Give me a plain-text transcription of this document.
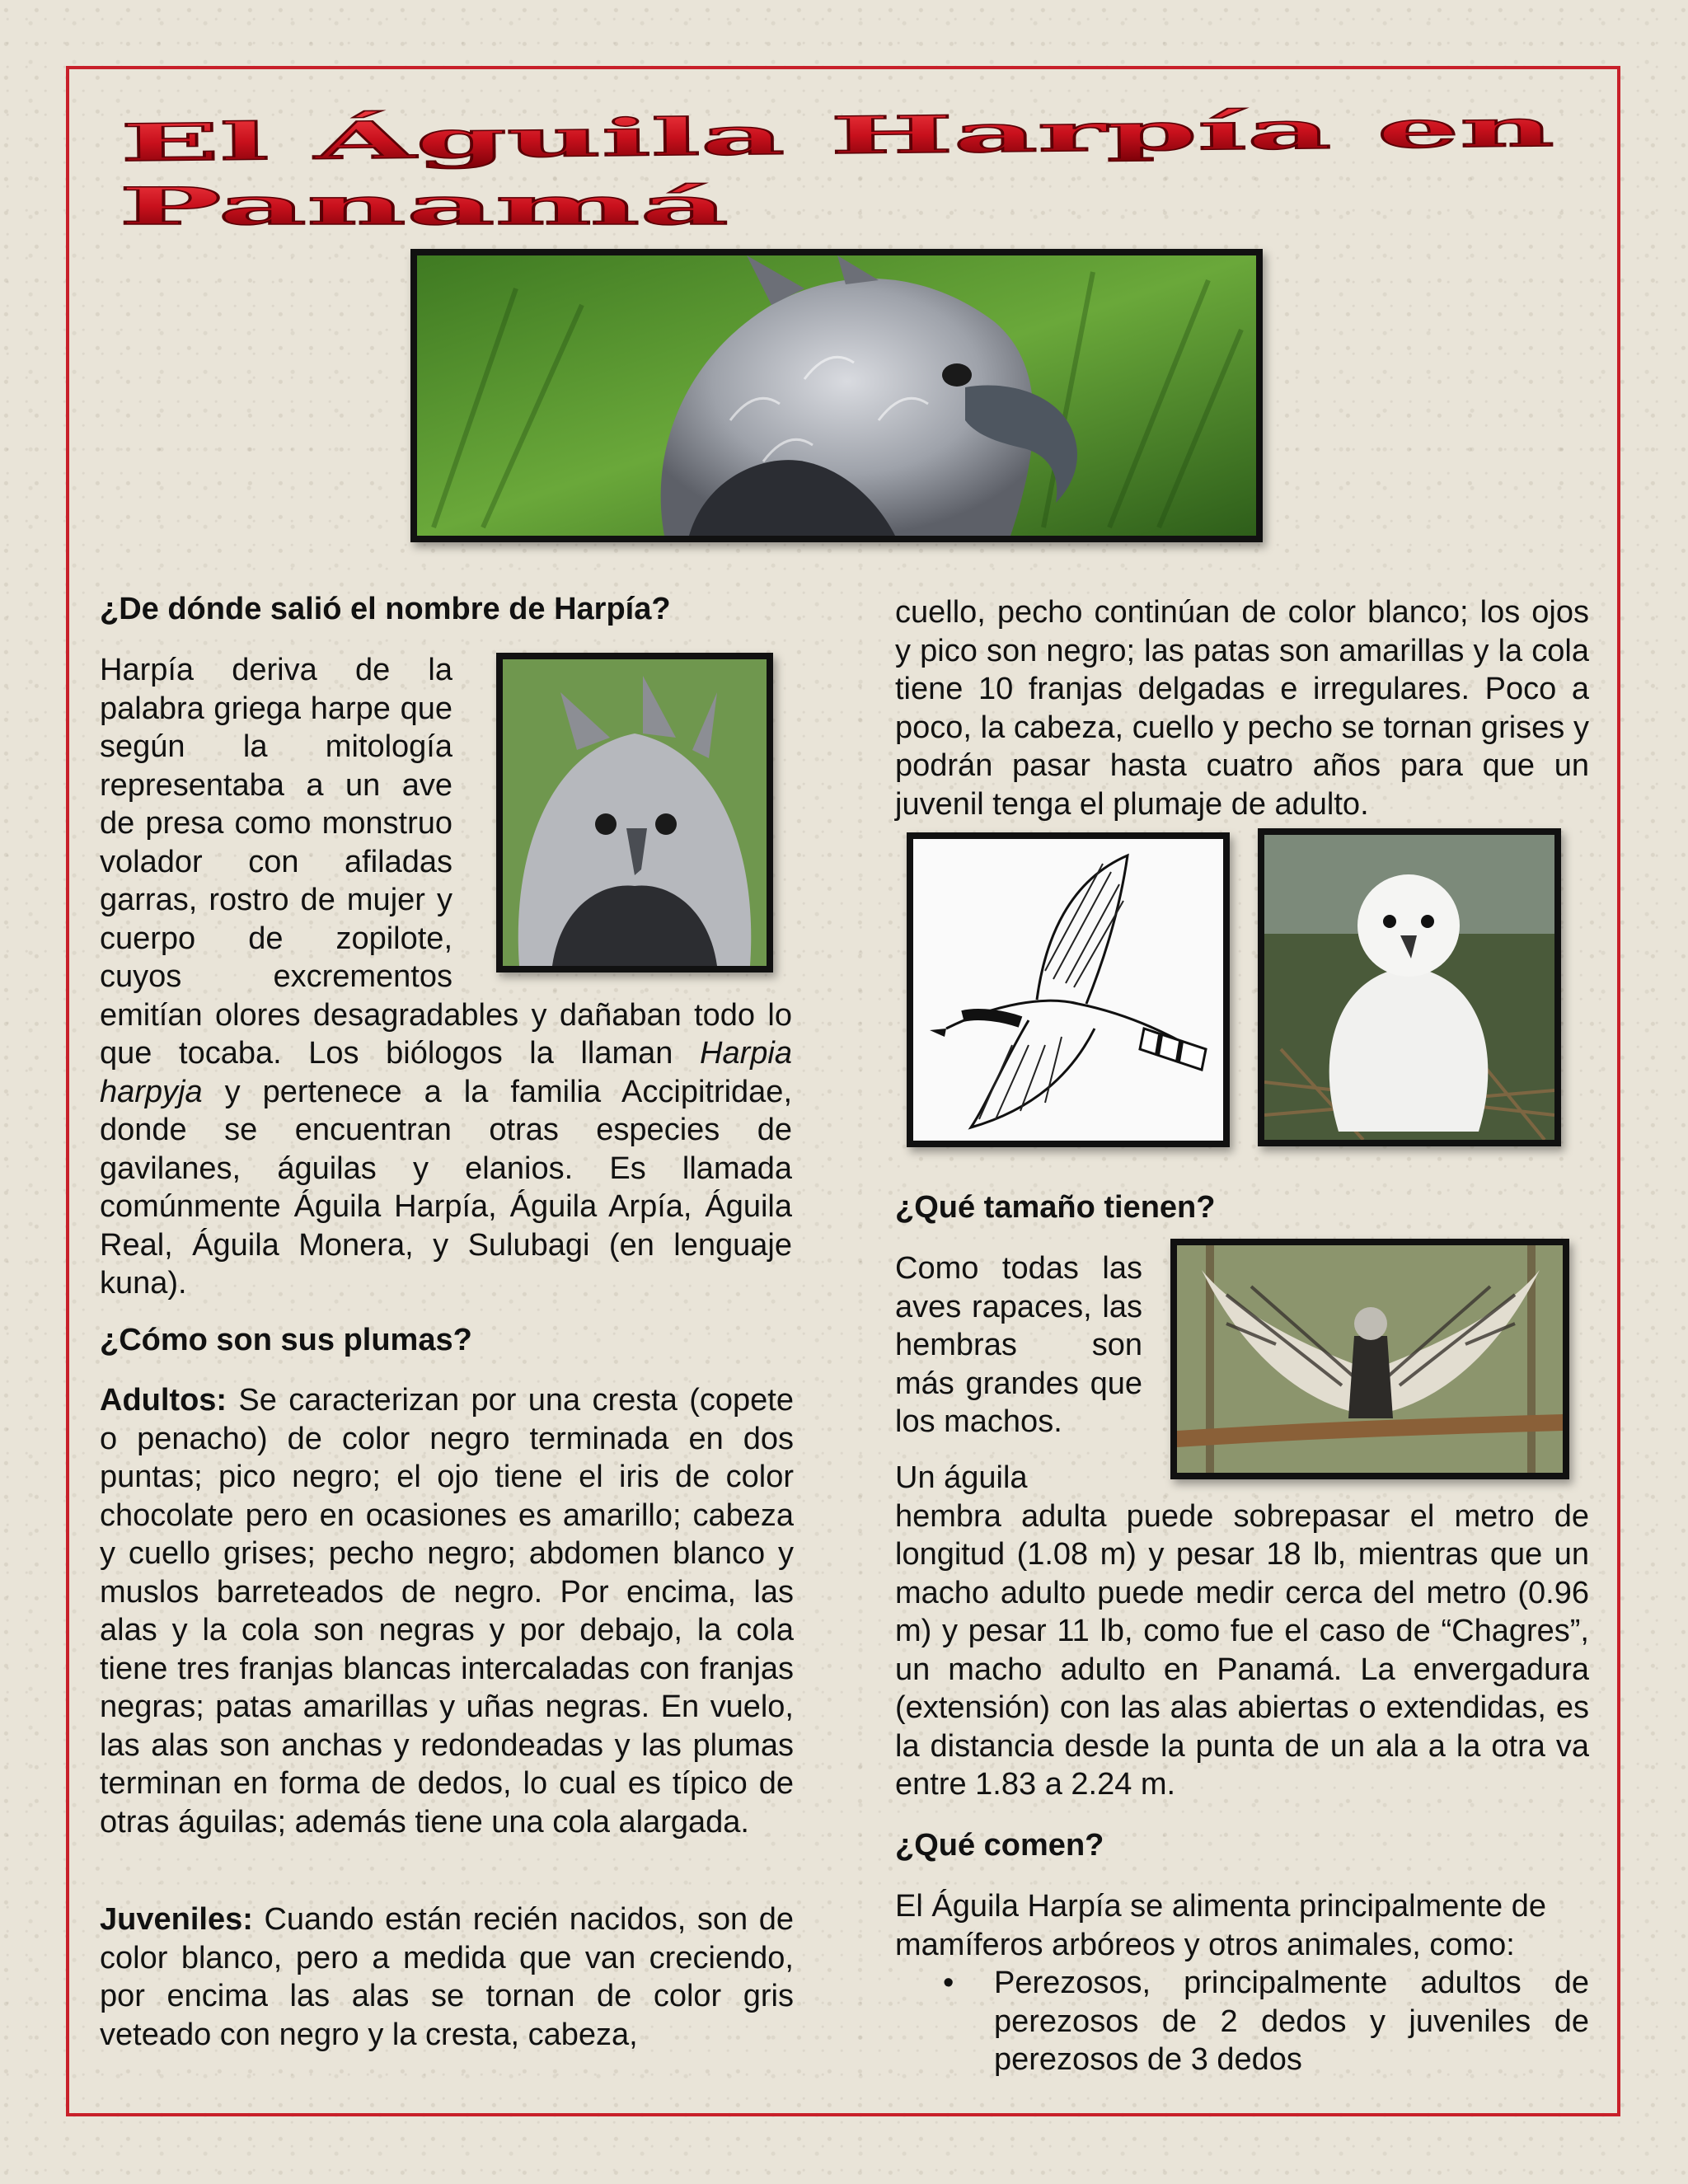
El Águila Harpía en
Panamá
¿De dónde salió el nombre de Harpía?
Harpía deriva de la palabra griega harpe que según la mitología representaba a un ave de presa como monstruo volador con afiladas garras, rostro de mujer y cuerpo de zopilote, cuyos excrementos emitían olores desagradables y dañaban todo lo que tocaba. Los biólogos la llaman Harpia harpyja y pertenece a la familia Accipitridae, donde se encuentran otras especies de gavilanes, águilas y elanios. Es llamada comúnmente Águila Harpía, Águila Arpía, Águila Real, Águila Monera, y Sulubagi (en lenguaje kuna).
¿Cómo son sus plumas?
Adultos: Se caracterizan por una cresta (copete o penacho) de color negro terminada en dos puntas; pico negro; el ojo tiene el iris de color chocolate pero en ocasiones es amarillo; cabeza y cuello grises; pecho negro; abdomen blanco y muslos barreteados de negro. Por encima, las alas y la cola son negras y por debajo, la cola tiene tres franjas blancas intercaladas con franjas negras; patas amarillas y uñas negras. En vuelo, las alas son anchas y redondeadas y las plumas terminan en forma de dedos, lo cual es típico de otras águilas; además tiene una cola alargada.
Juveniles: Cuando están recién nacidos, son de color blanco, pero a medida que van creciendo, por encima las alas se tornan de color gris veteado con negro y la cresta, cabeza,
cuello, pecho continúan de color blanco; los ojos y pico son negro; las patas son amarillas y la cola tiene 10 franjas delgadas e irregulares. Poco a poco, la cabeza, cuello y pecho se tornan grises y podrán pasar hasta cuatro años para que un juvenil tenga el plumaje de adulto.
¿Qué tamaño tienen?
Como todas las aves rapaces, las hembras son más grandes que los machos.
Un águila
hembra adulta puede sobrepasar el metro de longitud (1.08 m) y pesar 18 lb, mientras que un macho adulto puede medir cerca del metro (0.96 m) y pesar 11 lb, como fue el caso de “Chagres”, un macho adulto en Panamá. La envergadura (extensión) con las alas abiertas o extendidas, es la distancia desde la punta de un ala a la otra va entre 1.83 a 2.24 m.
¿Qué comen?
El Águila Harpía se alimenta principalmente de mamíferos arbóreos y otros animales, como:
• Perezosos, principalmente adultos de perezosos de 2 dedos y juveniles de perezosos de 3 dedos
